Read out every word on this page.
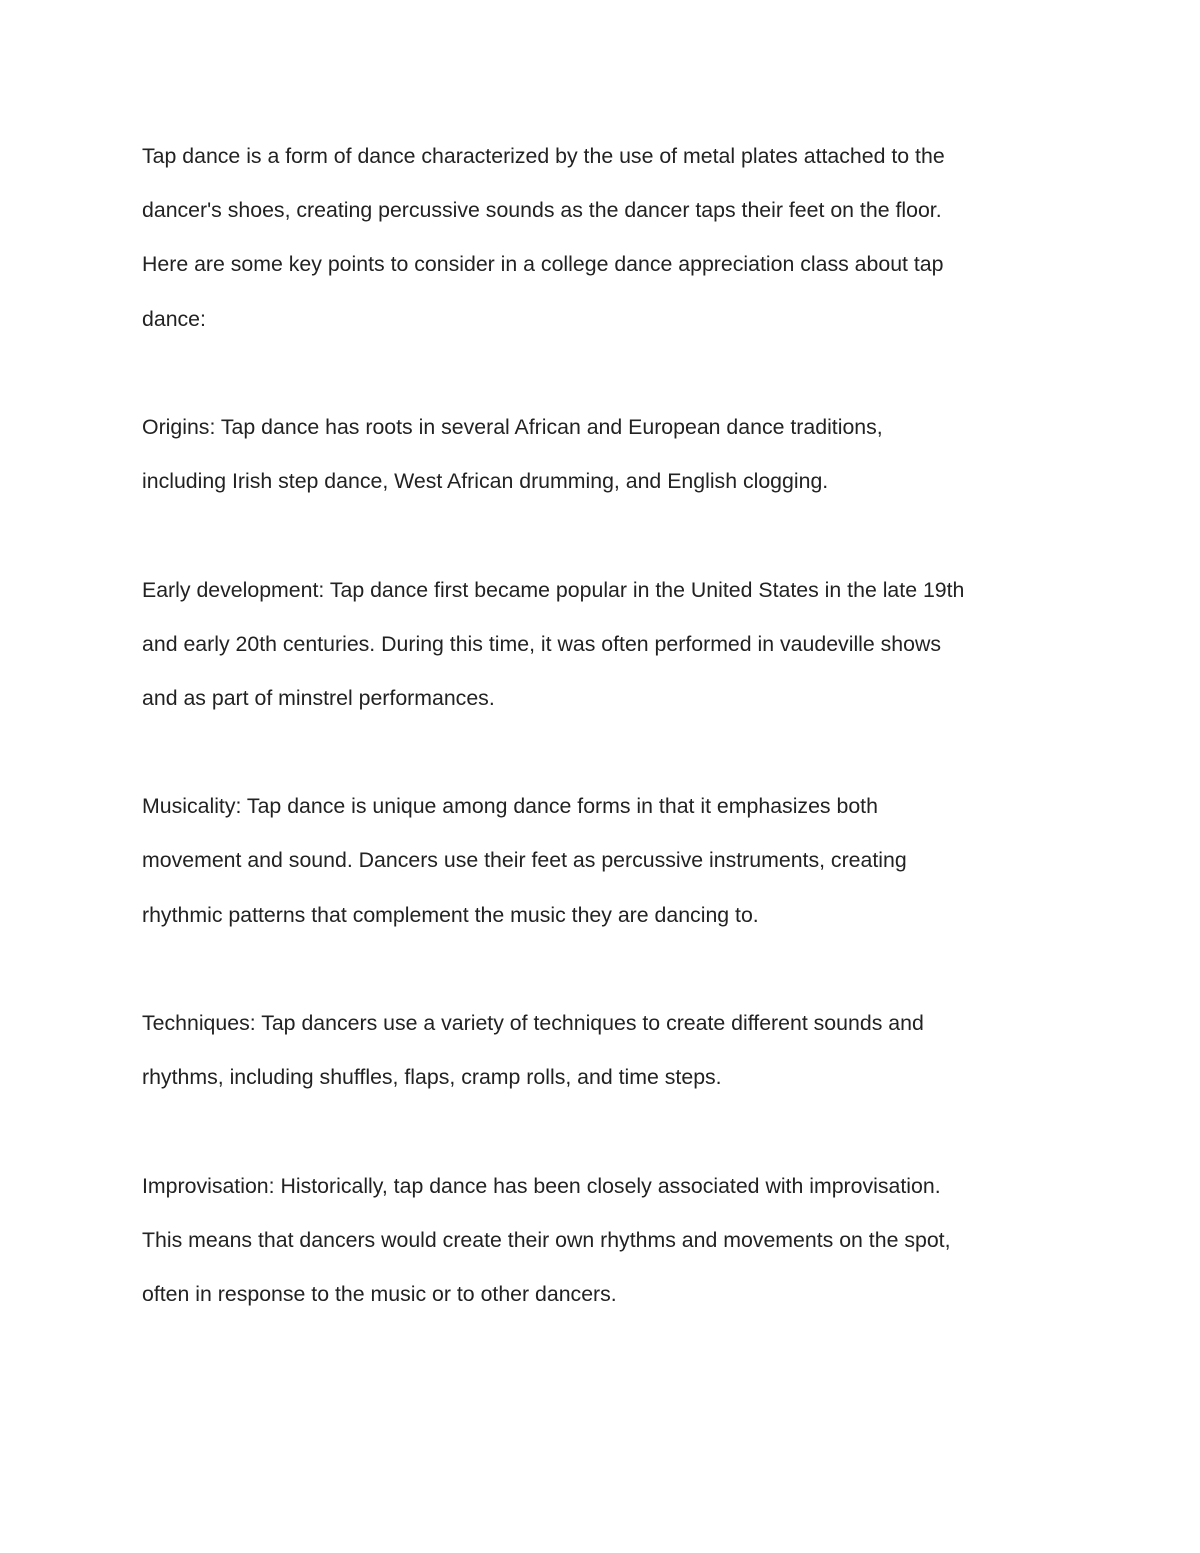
Tap dance is a form of dance characterized by the use of metal plates attached to the
dancer's shoes, creating percussive sounds as the dancer taps their feet on the floor.
Here are some key points to consider in a college dance appreciation class about tap
dance:

Origins: Tap dance has roots in several African and European dance traditions,
including Irish step dance, West African drumming, and English clogging.

Early development: Tap dance first became popular in the United States in the late 19th
and early 20th centuries. During this time, it was often performed in vaudeville shows
and as part of minstrel performances.

Musicality: Tap dance is unique among dance forms in that it emphasizes both
movement and sound. Dancers use their feet as percussive instruments, creating
rhythmic patterns that complement the music they are dancing to.

Techniques: Tap dancers use a variety of techniques to create different sounds and
rhythms, including shuffles, flaps, cramp rolls, and time steps.

Improvisation: Historically, tap dance has been closely associated with improvisation.
This means that dancers would create their own rhythms and movements on the spot,
often in response to the music or to other dancers.
